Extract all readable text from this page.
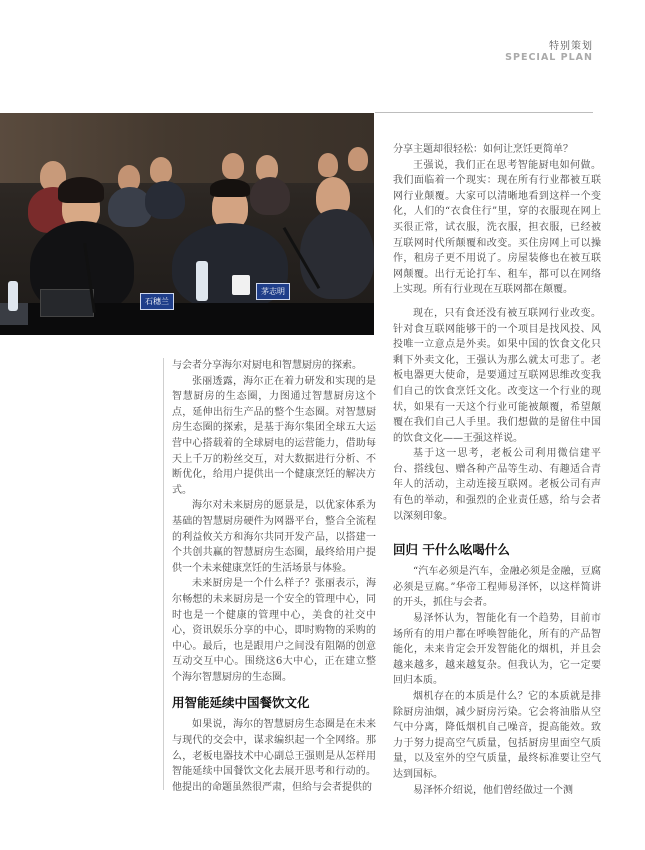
特别策划
SPECIAL PLAN
石穗兰
茅志明

与会者分享海尔对厨电和智慧厨房的探索。

张丽透露，海尔正在着力研发和实现的是智慧厨房的生态圈，力图通过智慧厨房这个点，延伸出衍生产品的整个生态圈。对智慧厨房生态圈的探索，是基于海尔集团全球五大运营中心搭载着的全球厨电的运营能力，借助每天上千万的粉丝交互，对大数据进行分析、不断优化，给用户提供出一个健康烹饪的解决方式。

海尔对未来厨房的愿景是，以优家体系为基础的智慧厨房硬件为网器平台，整合全流程的利益攸关方和海尔共同开发产品，以搭建一个共创共赢的智慧厨房生态圈，最终给用户提供一个未来健康烹饪的生活场景与体验。

未来厨房是一个什么样子？张丽表示，海尔畅想的未来厨房是一个安全的管理中心，同时也是一个健康的管理中心，美食的社交中心，资讯娱乐分享的中心，即时购物的采购的中心。最后，也是跟用户之间没有阻隔的创意互动交互中心。围绕这6大中心，正在建立整个海尔智慧厨房的生态圈。

用智能延续中国餐饮文化

如果说，海尔的智慧厨房生态圈是在未来与现代的交会中，谋求编织起一个全网络。那么，老板电器技术中心副总王强则是从怎样用智能延续中国餐饮文化去展开思考和行动的。他提出的命题虽然很严肃，但给与会者提供的

分享主题却很轻松：如何让烹饪更简单？

王强说，我们正在思考智能厨电如何做。我们面临着一个现实：现在所有行业都被互联网行业颠覆。大家可以清晰地看到这样一个变化，人们的“衣食住行”里，穿的衣服现在网上买很正常，试衣服，洗衣服，担衣服，已经被互联网时代所颠覆和改变。买住房网上可以操作，租房子更不用说了。房屋装修也在被互联网颠覆。出行无论打车、租车，都可以在网络上实现。所有行业现在互联网都在颠覆。

现在，只有食还没有被互联网行业改变。针对食互联网能够干的一个项目是找风投、风投唯一立意点是外卖。如果中国的饮食文化只剩下外卖文化，王强认为那么就太可悲了。老板电器更大使命，是要通过互联网思维改变我们自己的饮食烹饪文化。改变这一个行业的现状，如果有一天这个行业可能被颠覆，希望颠覆在我们自己人手里。我们想做的是留住中国的饮食文化——王强这样说。

基于这一思考，老板公司利用微信建平台、搭线包、赠各种产品等生动、有趣适合青年人的活动，主动连接互联网。老板公司有声有色的举动，和强烈的企业责任感，给与会者以深刻印象。

回归 干什么吆喝什么

“汽车必须是汽车，金融必须是金融，豆腐必须是豆腐。”华帝工程师易泽怀，以这样简讲的开头，抓住与会者。

易泽怀认为，智能化有一个趋势，目前市场所有的用户都在呼唤智能化，所有的产品智能化，未来肯定会开发智能化的烟机，并且会越来越多，越来越复杂。但我认为，它一定要回归本质。

烟机存在的本质是什么？它的本质就是排除厨房油烟，减少厨房污染。它会将油脂从空气中分离，降低烟机自己噪音，提高能效。致力于努力提高空气质量，包括厨房里面空气质量，以及室外的空气质量，最终标准要让空气达到国标。

易泽怀介绍说，他们曾经做过一个测
